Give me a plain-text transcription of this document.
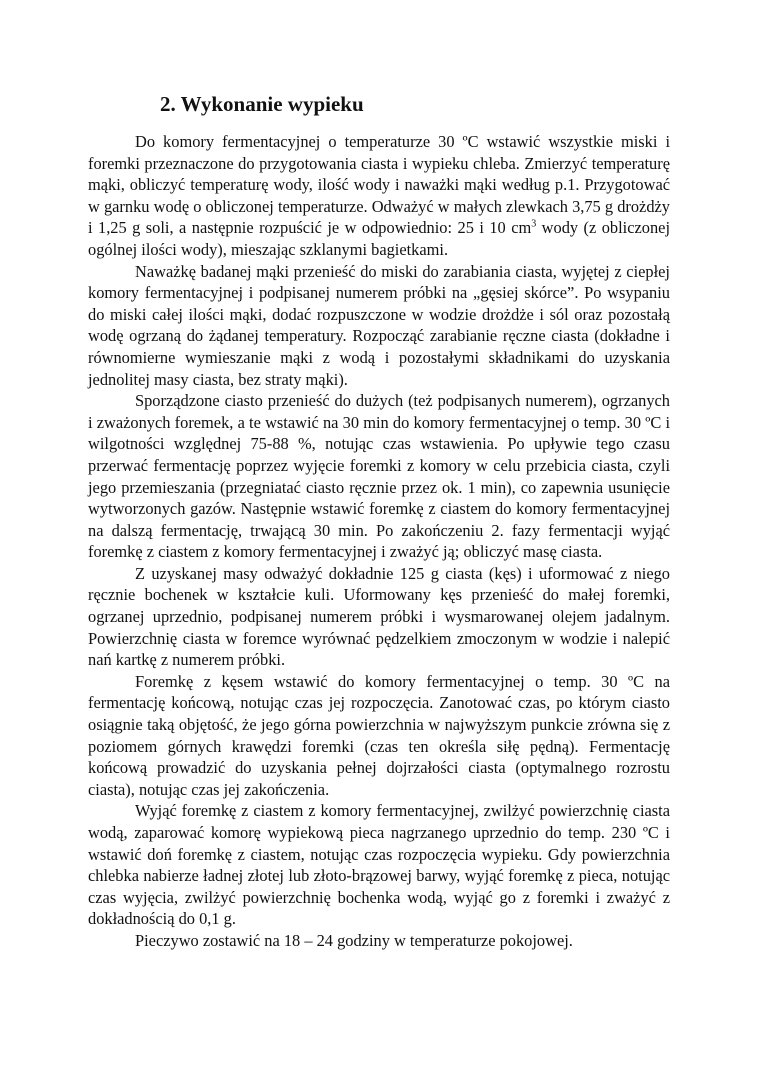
2. Wykonanie wypieku

Do komory fermentacyjnej o temperaturze 30 ºC wstawić wszystkie miski i foremki przeznaczone do przygotowania ciasta i wypieku chleba. Zmierzyć temperaturę mąki, obliczyć temperaturę wody, ilość wody i naważki mąki według p.1. Przygotować w garnku wodę o obliczonej temperaturze. Odważyć w małych zlewkach 3,75 g drożdży i 1,25 g soli, a następnie rozpuścić je w odpowiednio: 25 i 10 $cm^3$ wody (z obliczonej ogólnej ilości wody), mieszając szklanymi bagietkami.

Naważkę badanej mąki przenieść do miski do zarabiania ciasta, wyjętej z ciepłej komory fermentacyjnej i podpisanej numerem próbki na „gęsiej skórce”. Po wsypaniu do miski całej ilości mąki, dodać rozpuszczone w wodzie drożdże i sól oraz pozostałą wodę ogrzaną do żądanej temperatury. Rozpocząć zarabianie ręczne ciasta (dokładne i równomierne wymieszanie mąki z wodą i pozostałymi składnikami do uzyskania jednolitej masy ciasta, bez straty mąki).

Sporządzone ciasto przenieść do dużych (też podpisanych numerem), ogrzanych i zważonych foremek, a te wstawić na 30 min do komory fermentacyjnej o temp. 30 ºC i wilgotności względnej 75-88 %, notując czas wstawienia. Po upływie tego czasu przerwać fermentację poprzez wyjęcie foremki z komory w celu przebicia ciasta, czyli jego przemieszania (przegniatać ciasto ręcznie przez ok. 1 min), co zapewnia usunięcie wytworzonych gazów. Następnie wstawić foremkę z ciastem do komory fermentacyjnej na dalszą fermentację, trwającą 30 min. Po zakończeniu 2. fazy fermentacji wyjąć foremkę z ciastem z komory fermentacyjnej i zważyć ją; obliczyć masę ciasta.

Z uzyskanej masy odważyć dokładnie 125 g ciasta (kęs) i uformować z niego ręcznie bochenek w kształcie kuli. Uformowany kęs przenieść do małej foremki, ogrzanej uprzednio, podpisanej numerem próbki i wysmarowanej olejem jadalnym. Powierzchnię ciasta w foremce wyrównać pędzelkiem zmoczonym w wodzie i nalepić nań kartkę z numerem próbki.

Foremkę z kęsem wstawić do komory fermentacyjnej o temp. 30 ºC na fermentację końcową, notując czas jej rozpoczęcia. Zanotować czas, po którym ciasto osiągnie taką objętość, że jego górna powierzchnia w najwyższym punkcie zrówna się z poziomem górnych krawędzi foremki (czas ten określa siłę pędną). Fermentację końcową prowadzić do uzyskania pełnej dojrzałości ciasta (optymalnego rozrostu ciasta), notując czas jej zakończenia.

Wyjąć foremkę z ciastem z komory fermentacyjnej, zwilżyć powierzchnię ciasta wodą, zaparować komorę wypiekową pieca nagrzanego uprzednio do temp. 230 ºC i wstawić doń foremkę z ciastem, notując czas rozpoczęcia wypieku. Gdy powierzchnia chlebka nabierze ładnej złotej lub złoto-brązowej barwy, wyjąć foremkę z pieca, notując czas wyjęcia, zwilżyć powierzchnię bochenka wodą, wyjąć go z foremki i zważyć z dokładnością do 0,1 g.

Pieczywo zostawić na 18 – 24 godziny w temperaturze pokojowej.
